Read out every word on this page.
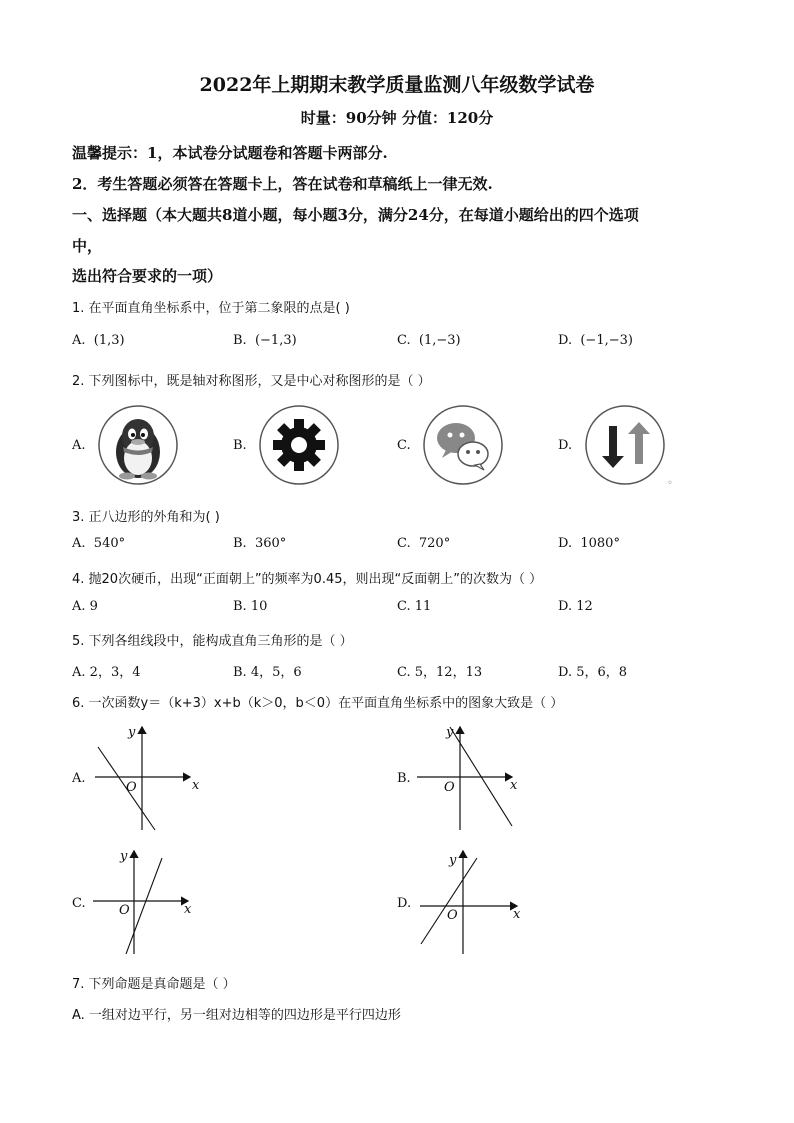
2022年上期期末教学质量监测八年级数学试卷
时量：90分钟 分值：120分
温馨提示：1，本试卷分试题卷和答题卡两部分.
2．考生答题必须答在答题卡上，答在试卷和草稿纸上一律无效.
一、选择题（本大题共8道小题，每小题3分，满分24分，在每道小题给出的四个选项
中，
选出符合要求的一项）
1. 在平面直角坐标系中，位于第二象限的点是( )
A. (1,3)	B. (−1,3)	C. (1,−3)	D. (−1,−3)
2. 下列图标中，既是轴对称图形，又是中心对称图形的是（ ）
A.	B.	C.	D.
◦
3. 正八边形的外角和为( )
A. 540°	B. 360°	C. 720°	D. 1080°
4. 抛20次硬币，出现“正面朝上”的频率为0.45，则出现“反面朝上”的次数为（ ）
A. 9	B. 10	C. 11	D. 12
5. 下列各组线段中，能构成直角三角形的是（ ）
A. 2，3，4	B. 4，5，6	C. 5，12，13	D. 5，6，8
6. 一次函数y＝（k+3）x+b（k＞0，b＜0）在平面直角坐标系中的图象大致是（ ）
A.	x
y
O
B.	x
y
O
C.	x
y
O	D.
x
y
O
7. 下列命题是真命题是（ ）
A. 一组对边平行，另一组对边相等的四边形是平行四边形
